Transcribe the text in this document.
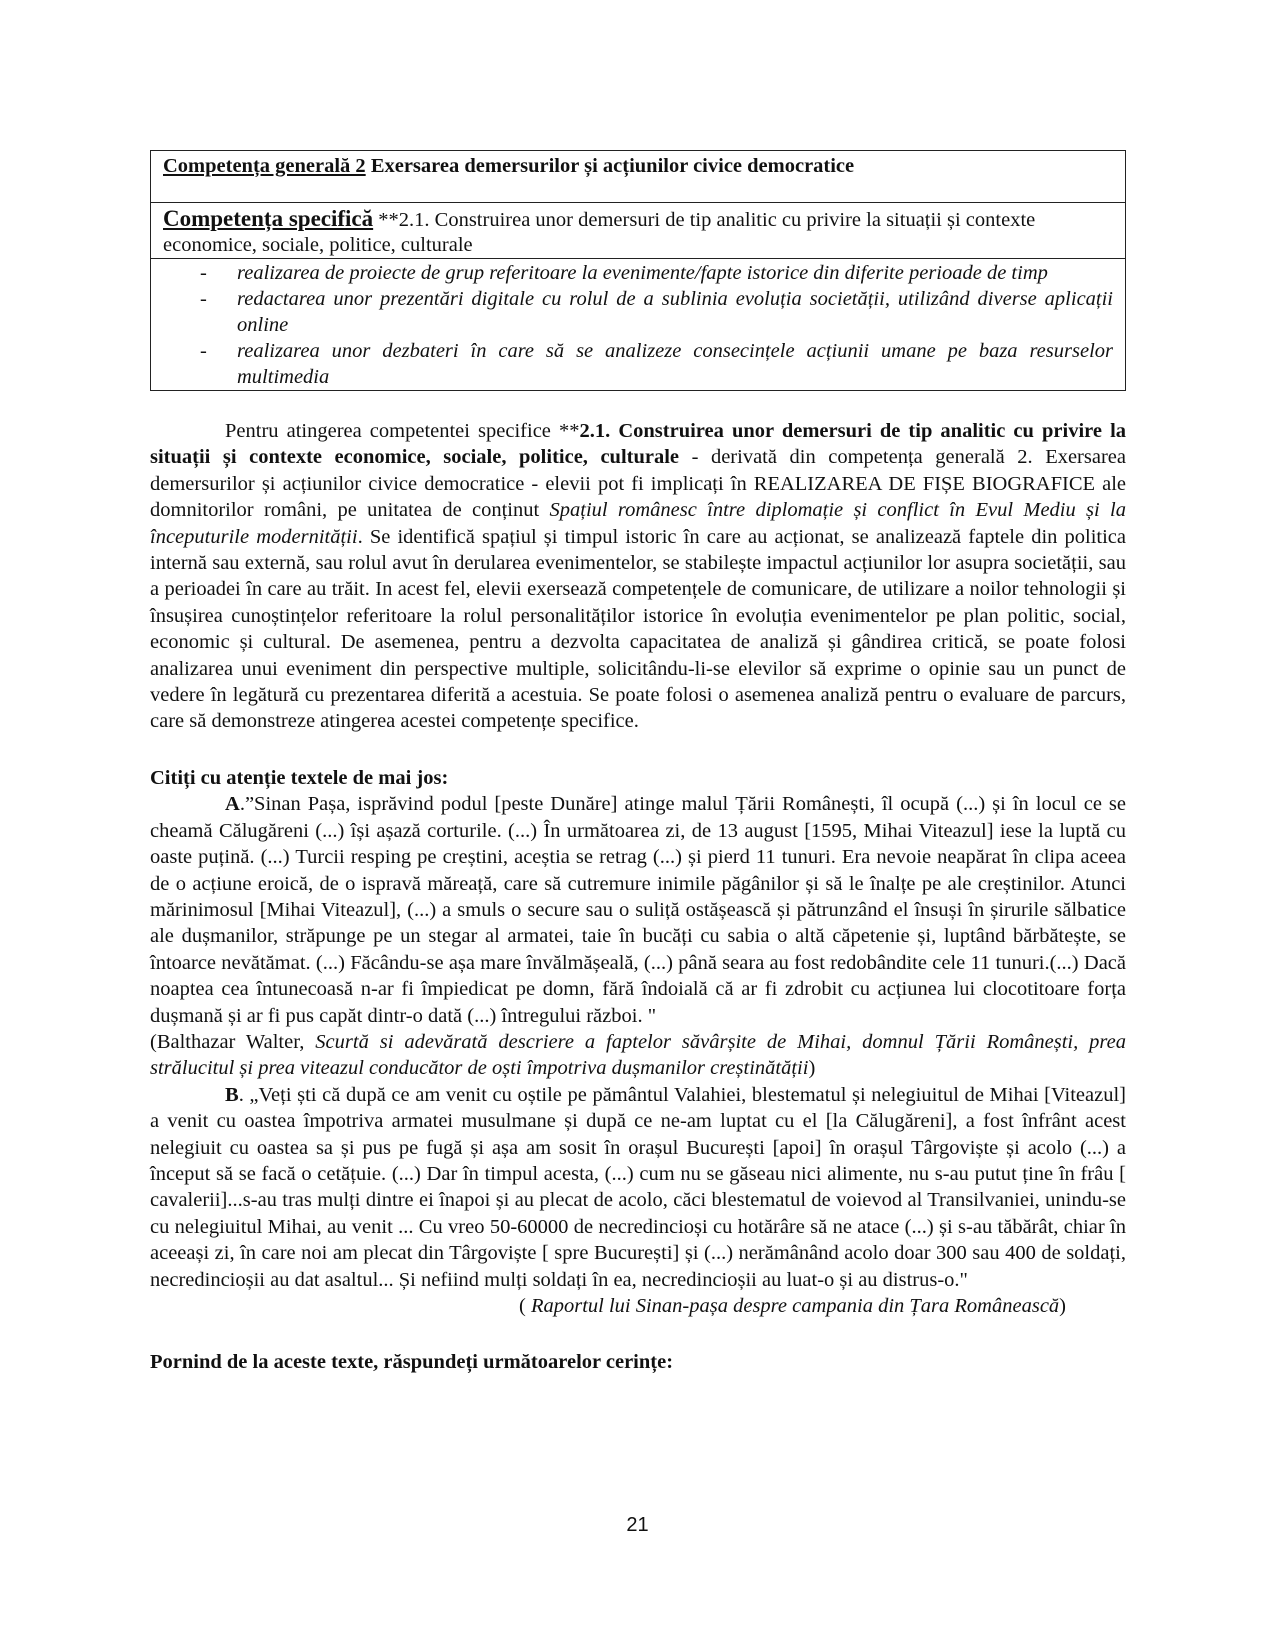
Competența generală 2 Exersarea demersurilor și acțiunilor civice democratice
Competența specifică **2.1. Construirea unor demersuri de tip analitic cu privire la situații și contexte economice, sociale, politice, culturale
- realizarea de proiecte de grup referitoare la evenimente/fapte istorice din diferite perioade de timp
- redactarea unor prezentări digitale cu rolul de a sublinia evoluția societății, utilizând diverse aplicații online
- realizarea unor dezbateri în care să se analizeze consecințele acțiunii umane pe baza resurselor multimedia

Pentru atingerea competentei specifice **2.1. Construirea unor demersuri de tip analitic cu privire la situații și contexte economice, sociale, politice, culturale - derivată din competența generală 2. Exersarea demersurilor și acțiunilor civice democratice - elevii pot fi implicați în REALIZAREA DE FIȘE BIOGRAFICE ale domnitorilor români, pe unitatea de conținut Spațiul românesc între diplomație și conflict în Evul Mediu și la începuturile modernității. Se identifică spațiul și timpul istoric în care au acționat, se analizează faptele din politica internă sau externă, sau rolul avut în derularea evenimentelor, se stabilește impactul acțiunilor lor asupra societății, sau a perioadei în care au trăit. In acest fel, elevii exersează competențele de comunicare, de utilizare a noilor tehnologii și însușirea cunoștințelor referitoare la rolul personalităților istorice în evoluția evenimentelor pe plan politic, social, economic și cultural. De asemenea, pentru a dezvolta capacitatea de analiză și gândirea critică, se poate folosi analizarea unui eveniment din perspective multiple, solicitându-li-se elevilor să exprime o opinie sau un punct de vedere în legătură cu prezentarea diferită a acestuia. Se poate folosi o asemenea analiză pentru o evaluare de parcurs, care să demonstreze atingerea acestei competențe specifice.

Citiți cu atenție textele de mai jos:

A.”Sinan Pașa, isprăvind podul [peste Dunăre] atinge malul Țării Românești, îl ocupă (...) și în locul ce se cheamă Călugăreni (...) își așază corturile. (...) În următoarea zi, de 13 august [1595, Mihai Viteazul] iese la luptă cu oaste puțină. (...) Turcii resping pe creștini, aceștia se retrag (...) și pierd 11 tunuri. Era nevoie neapărat în clipa aceea de o acțiune eroică, de o ispravă măreață, care să cutremure inimile păgânilor și să le înalțe pe ale creștinilor. Atunci mărinimosul [Mihai Viteazul], (...) a smuls o secure sau o suliță ostășească și pătrunzând el însuși în șirurile sălbatice ale dușmanilor, străpunge pe un stegar al armatei, taie în bucăți cu sabia o altă căpetenie și, luptând bărbătește, se întoarce nevătămat. (...) Făcându-se așa mare învălmășeală, (...) până seara au fost redobândite cele 11 tunuri.(...) Dacă noaptea cea întunecoasă n-ar fi împiedicat pe domn, fără îndoială că ar fi zdrobit cu acțiunea lui clocotitoare forța dușmană și ar fi pus capăt dintr-o dată (...) întregului război. "

(Balthazar Walter, Scurtă si adevărată descriere a faptelor săvârșite de Mihai, domnul Țării Românești, prea strălucitul și prea viteazul conducător de oști împotriva dușmanilor creștinătății)

B. „Veți ști că după ce am venit cu oștile pe pământul Valahiei, blestematul și nelegiuitul de Mihai [Viteazul] a venit cu oastea împotriva armatei musulmane și după ce ne-am luptat cu el [la Călugăreni], a fost înfrânt acest nelegiuit cu oastea sa și pus pe fugă și așa am sosit în orașul București [apoi] în orașul Târgoviște și acolo (...) a început să se facă o cetățuie. (...) Dar în timpul acesta, (...) cum nu se găseau nici alimente, nu s-au putut ține în frâu [ cavalerii]...s-au tras mulți dintre ei înapoi și au plecat de acolo, căci blestematul de voievod al Transilvaniei, unindu-se cu nelegiuitul Mihai, au venit ... Cu vreo 50-60000 de necredincioși cu hotărâre să ne atace (...) și s-au tăbărât, chiar în aceeași zi, în care noi am plecat din Târgoviște [ spre București] și (...) nerămânând acolo doar 300 sau 400 de soldați, necredincioșii au dat asaltul... Și nefiind mulți soldați în ea, necredincioșii au luat-o și au distrus-o."

( Raportul lui Sinan-pașa despre campania din Țara Românească)

Pornind de la aceste texte, răspundeți următoarelor cerințe:

21
